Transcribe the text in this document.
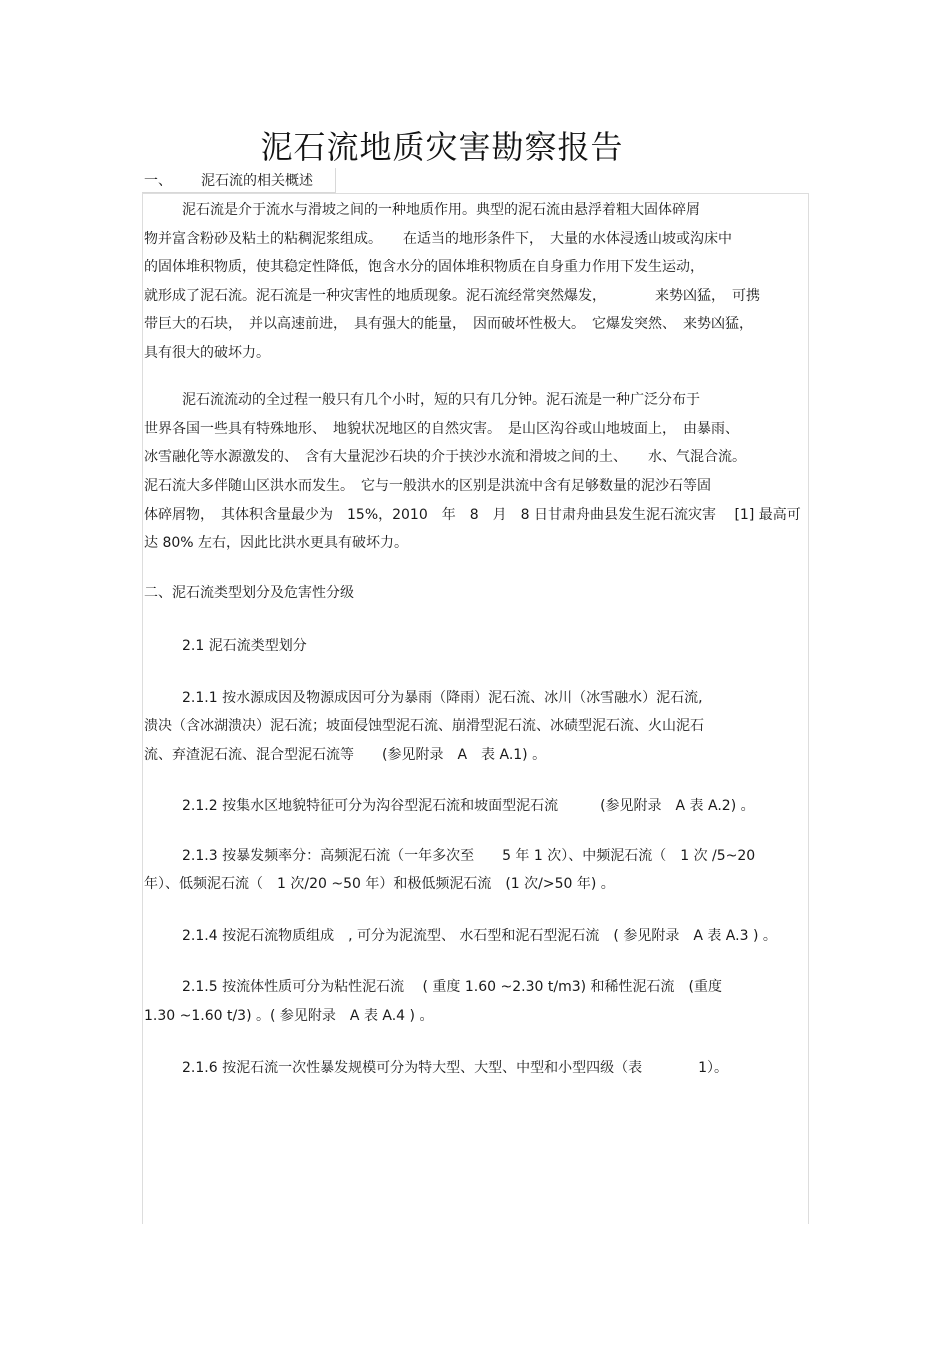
泥石流地质灾害勘察报告
一、 泥石流的相关概述
泥石流是介于流水与滑坡之间的一种地质作用。典型的泥石流由悬浮着粗大固体碎屑
物并富含粉砂及粘土的粘稠泥浆组成。　　在适当的地形条件下，　大量的水体浸透山坡或沟床中
的固体堆积物质，使其稳定性降低，饱含水分的固体堆积物质在自身重力作用下发生运动，
就形成了泥石流。泥石流是一种灾害性的地质现象。泥石流经常突然爆发，　　　　来势凶猛，　可携
带巨大的石块，　并以高速前进，　具有强大的能量，　因而破坏性极大。　它爆发突然、　来势凶猛，
具有很大的破坏力。
泥石流流动的全过程一般只有几个小时，短的只有几分钟。泥石流是一种广泛分布于
世界各国一些具有特殊地形、　地貌状况地区的自然灾害。　是山区沟谷或山地坡面上，　由暴雨、
冰雪融化等水源激发的、　含有大量泥沙石块的介于挟沙水流和滑坡之间的土、　　水、气混合流。
泥石流大多伴随山区洪水而发生。　它与一般洪水的区别是洪流中含有足够数量的泥沙石等固
体碎屑物，　其体积含量最少为　15%，2010　年　8　月　8 日甘肃舟曲县发生泥石流灾害　 [1] 最高可
达 80% 左右，因此比洪水更具有破坏力。
二、泥石流类型划分及危害性分级
2.1 泥石流类型划分
2.1.1 按水源成因及物源成因可分为暴雨（降雨）泥石流、冰川（冰雪融水）泥石流,
溃决（含冰湖溃决）泥石流；坡面侵蚀型泥石流、崩滑型泥石流、冰碛型泥石流、火山泥石
流、弃渣泥石流、混合型泥石流等　　(参见附录　A　表 A.1) 。
2.1.2 按集水区地貌特征可分为沟谷型泥石流和坡面型泥石流　　　(参见附录　A 表 A.2) 。
2.1.3 按暴发频率分：高频泥石流（一年多次至　　5 年 1 次）、中频泥石流（　1 次 /5~20
年）、低频泥石流（　1 次/20 ~50 年）和极低频泥石流　(1 次/>50 年) 。
2.1.4 按泥石流物质组成　, 可分为泥流型、 水石型和泥石型泥石流　( 参见附录　A 表 A.3 ) 。
2.1.5 按流体性质可分为粘性泥石流　 ( 重度 1.60 ~2.30 t/m3) 和稀性泥石流　(重度
1.30 ~1.60 t/3) 。( 参见附录　A 表 A.4 ) 。
2.1.6 按泥石流一次性暴发规模可分为特大型、大型、中型和小型四级（表　　　　1）。
